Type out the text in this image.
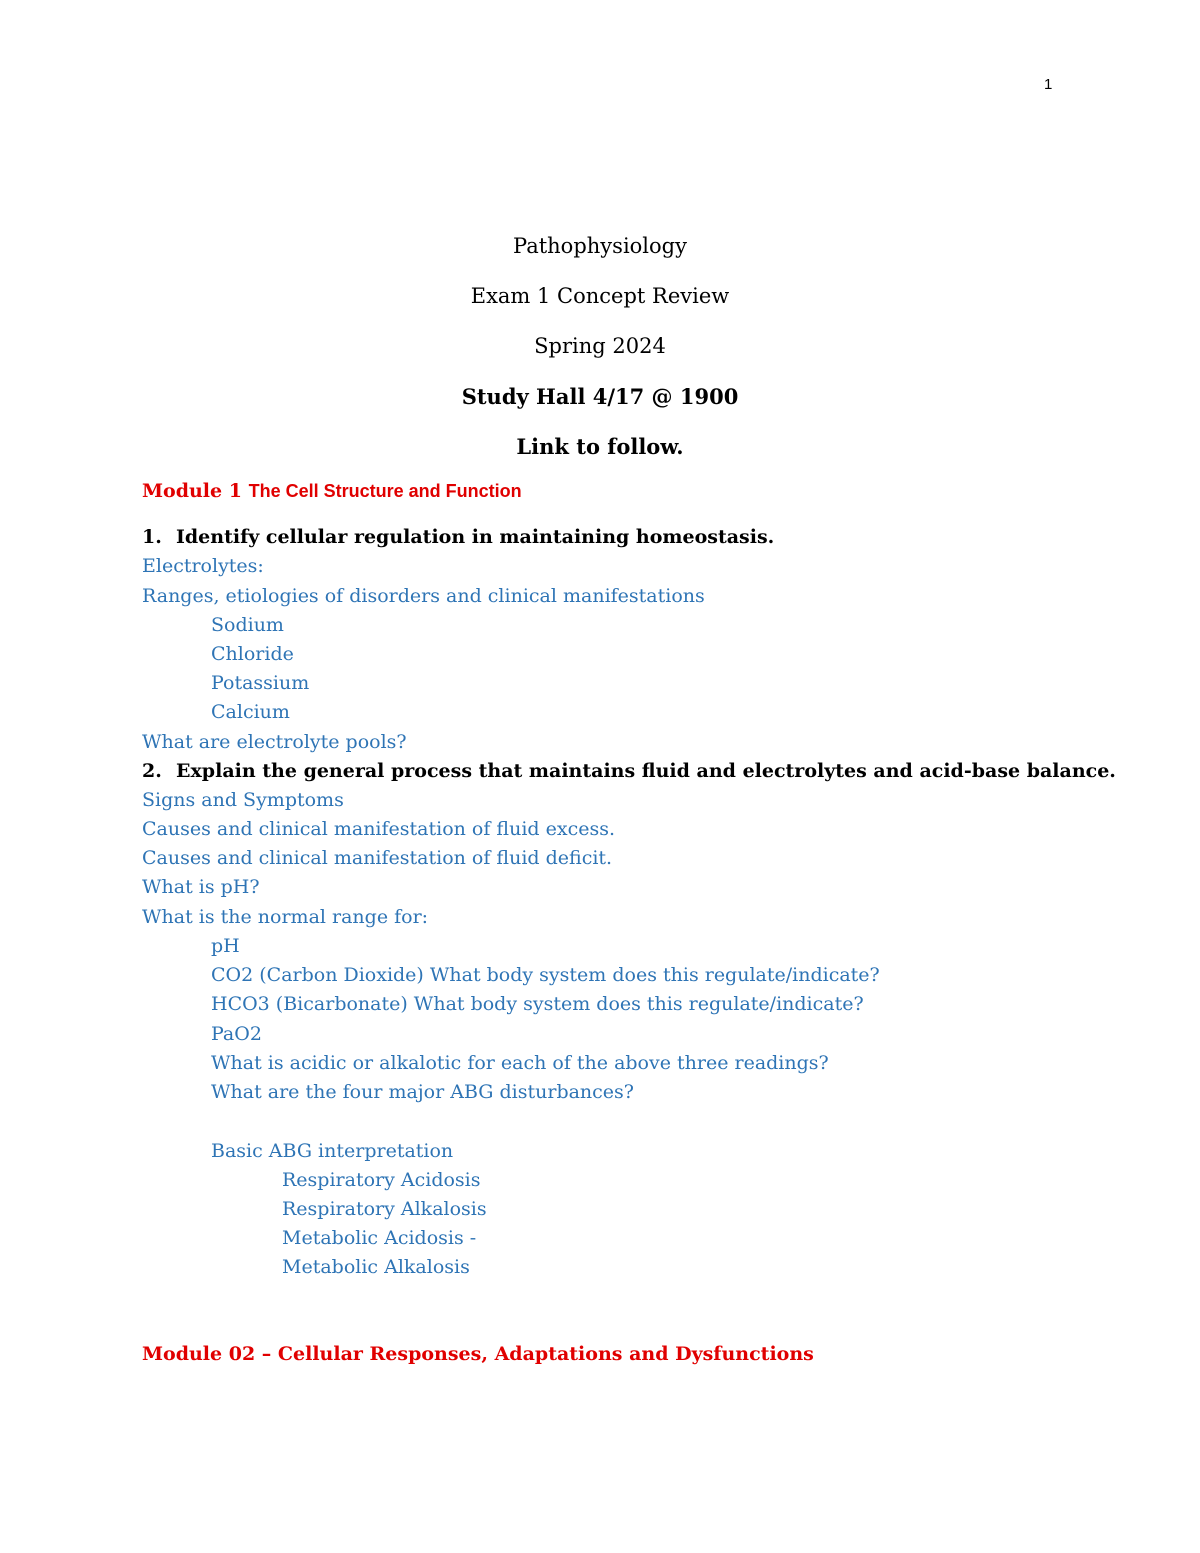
1
Pathophysiology
Exam 1 Concept Review
Spring 2024
Study Hall 4/17 @ 1900
Link to follow.
Module 1 The Cell Structure and Function
1. Identify cellular regulation in maintaining homeostasis.
Electrolytes:
Ranges, etiologies of disorders and clinical manifestations
Sodium
Chloride
Potassium
Calcium
What are electrolyte pools?
2. Explain the general process that maintains fluid and electrolytes and acid-base balance.
Signs and Symptoms
Causes and clinical manifestation of fluid excess.
Causes and clinical manifestation of fluid deficit.
What is pH?
What is the normal range for:
pH
CO2 (Carbon Dioxide) What body system does this regulate/indicate?
HCO3 (Bicarbonate) What body system does this regulate/indicate?
PaO2
What is acidic or alkalotic for each of the above three readings?
What are the four major ABG disturbances?
Basic ABG interpretation
Respiratory Acidosis
Respiratory Alkalosis
Metabolic Acidosis -
Metabolic Alkalosis
Module 02 – Cellular Responses, Adaptations and Dysfunctions
